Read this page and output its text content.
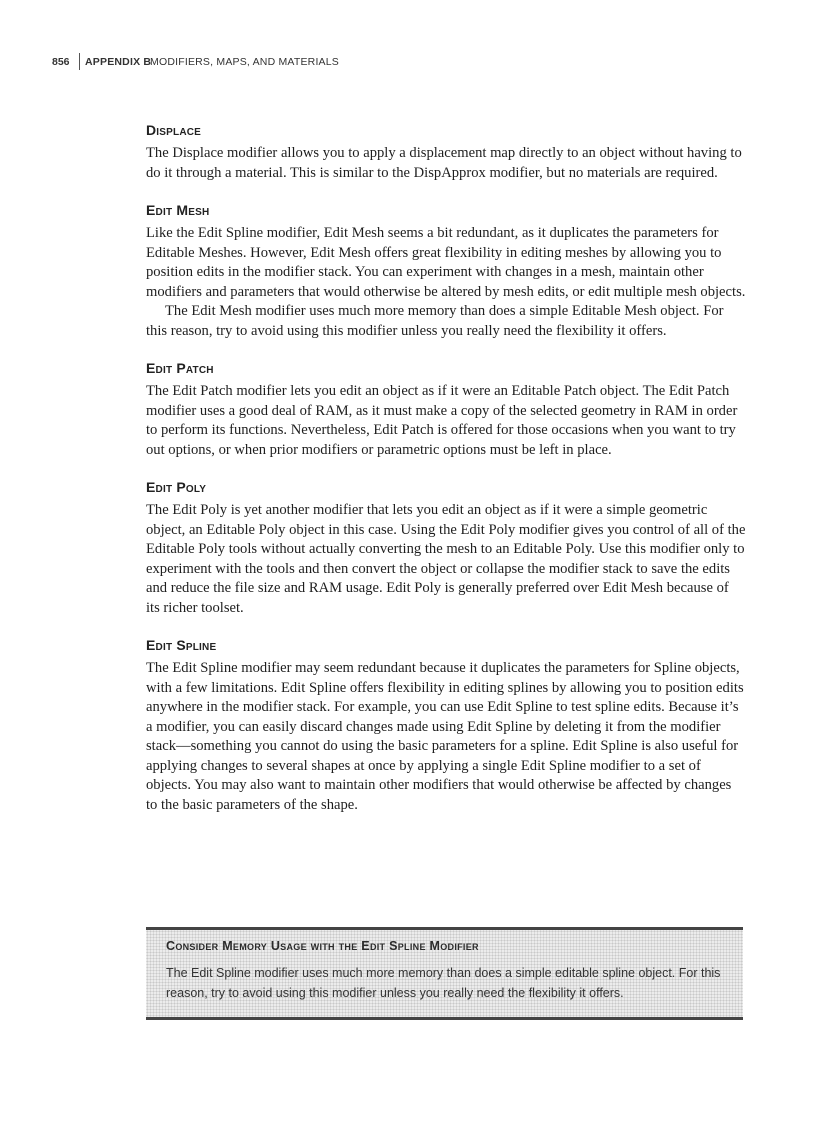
856 APPENDIX B
MODIFIERS, MAPS, AND MATERIALS
Displace

The Displace modifier allows you to apply a displacement map directly to an object without having to do it through a material. This is similar to the DispApprox modifier, but no materials are required.

Edit Mesh

Like the Edit Spline modifier, Edit Mesh seems a bit redundant, as it duplicates the parameters for Editable Meshes. However, Edit Mesh offers great flexibility in editing meshes by allowing you to position edits in the modifier stack. You can experiment with changes in a mesh, maintain other modifiers and parameters that would otherwise be altered by mesh edits, or edit multiple mesh objects.

The Edit Mesh modifier uses much more memory than does a simple Editable Mesh object. For this reason, try to avoid using this modifier unless you really need the flexibility it offers.

Edit Patch

The Edit Patch modifier lets you edit an object as if it were an Editable Patch object. The Edit Patch modifier uses a good deal of RAM, as it must make a copy of the selected geometry in RAM in order to perform its functions. Nevertheless, Edit Patch is offered for those occasions when you want to try out options, or when prior modifiers or parametric options must be left in place.

Edit Poly

The Edit Poly is yet another modifier that lets you edit an object as if it were a simple geometric object, an Editable Poly object in this case. Using the Edit Poly modifier gives you control of all of the Editable Poly tools without actually converting the mesh to an Editable Poly. Use this modifier only to experiment with the tools and then convert the object or collapse the modifier stack to save the edits and reduce the file size and RAM usage. Edit Poly is generally preferred over Edit Mesh because of its richer toolset.

Edit Spline

The Edit Spline modifier may seem redundant because it duplicates the parameters for Spline objects, with a few limitations. Edit Spline offers flexibility in editing splines by allowing you to position edits anywhere in the modifier stack. For example, you can use Edit Spline to test spline edits. Because it’s a modifier, you can easily discard changes made using Edit Spline by deleting it from the modifier stack—something you cannot do using the basic parameters for a spline. Edit Spline is also useful for applying changes to several shapes at once by applying a single Edit Spline modifier to a set of objects. You may also want to maintain other modifiers that would otherwise be affected by changes to the basic parameters of the shape.

Consider Memory Usage with the Edit Spline Modifier

The Edit Spline modifier uses much more memory than does a simple editable spline object. For this reason, try to avoid using this modifier unless you really need the flexibility it offers.
